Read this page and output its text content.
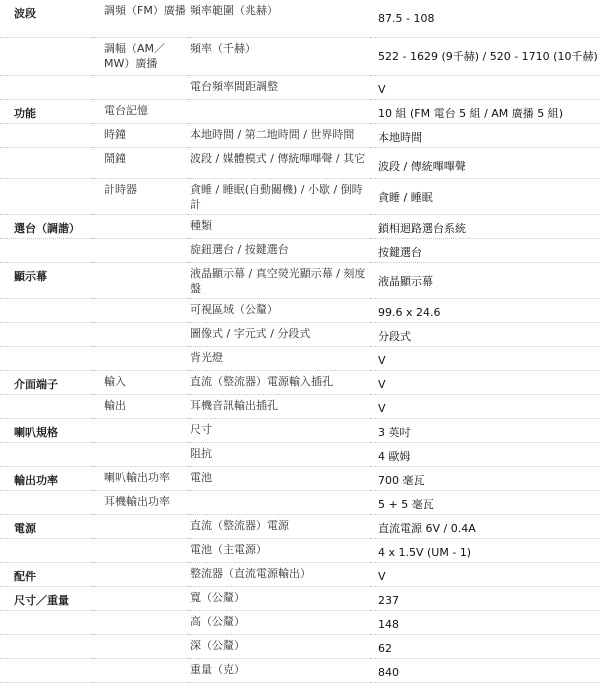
波段	調頻（FM）廣播	頻率範圍（兆赫）	87.5 - 108
	調幅（AM／MW）廣播	頻率（千赫）	522 - 1629 (9千赫) / 520 - 1710 (10千赫)
		電台頻率間距調整	V
功能	電台記憶		10 組 (FM 電台 5 組 / AM 廣播 5 組)
	時鐘	本地時間 / 第二地時間 / 世界時間	本地時間
	鬧鐘	波段 / 媒體模式 / 傳統嗶嗶聲 / 其它	波段 / 傳統嗶嗶聲
	計時器	貪睡 / 睡眠(自動關機) / 小歇 / 倒時計	貪睡 / 睡眠
選台（調諧）		種類	鎖相迴路選台系統
		旋鈕選台 / 按鍵選台	按鍵選台
顯示幕		液晶顯示幕 / 真空熒光顯示幕 / 刻度盤	液晶顯示幕
		可視區域（公釐）	99.6 x 24.6
		圖像式 / 字元式 / 分段式	分段式
		背光燈	V
介面端子	輸入	直流（整流器）電源輸入插孔	V
	輸出	耳機音訊輸出插孔	V
喇叭規格		尺寸	3 英吋
		阻抗	4 歐姆
輸出功率	喇叭輸出功率	電池	700 毫瓦
	耳機輸出功率		5 + 5 毫瓦
電源		直流（整流器）電源	直流電源 6V / 0.4A
		電池（主電源）	4 x 1.5V (UM - 1)
配件		整流器（直流電源輸出）	V
尺寸／重量		寬（公釐）	237
		高（公釐）	148
		深（公釐）	62
		重量（克）	840
